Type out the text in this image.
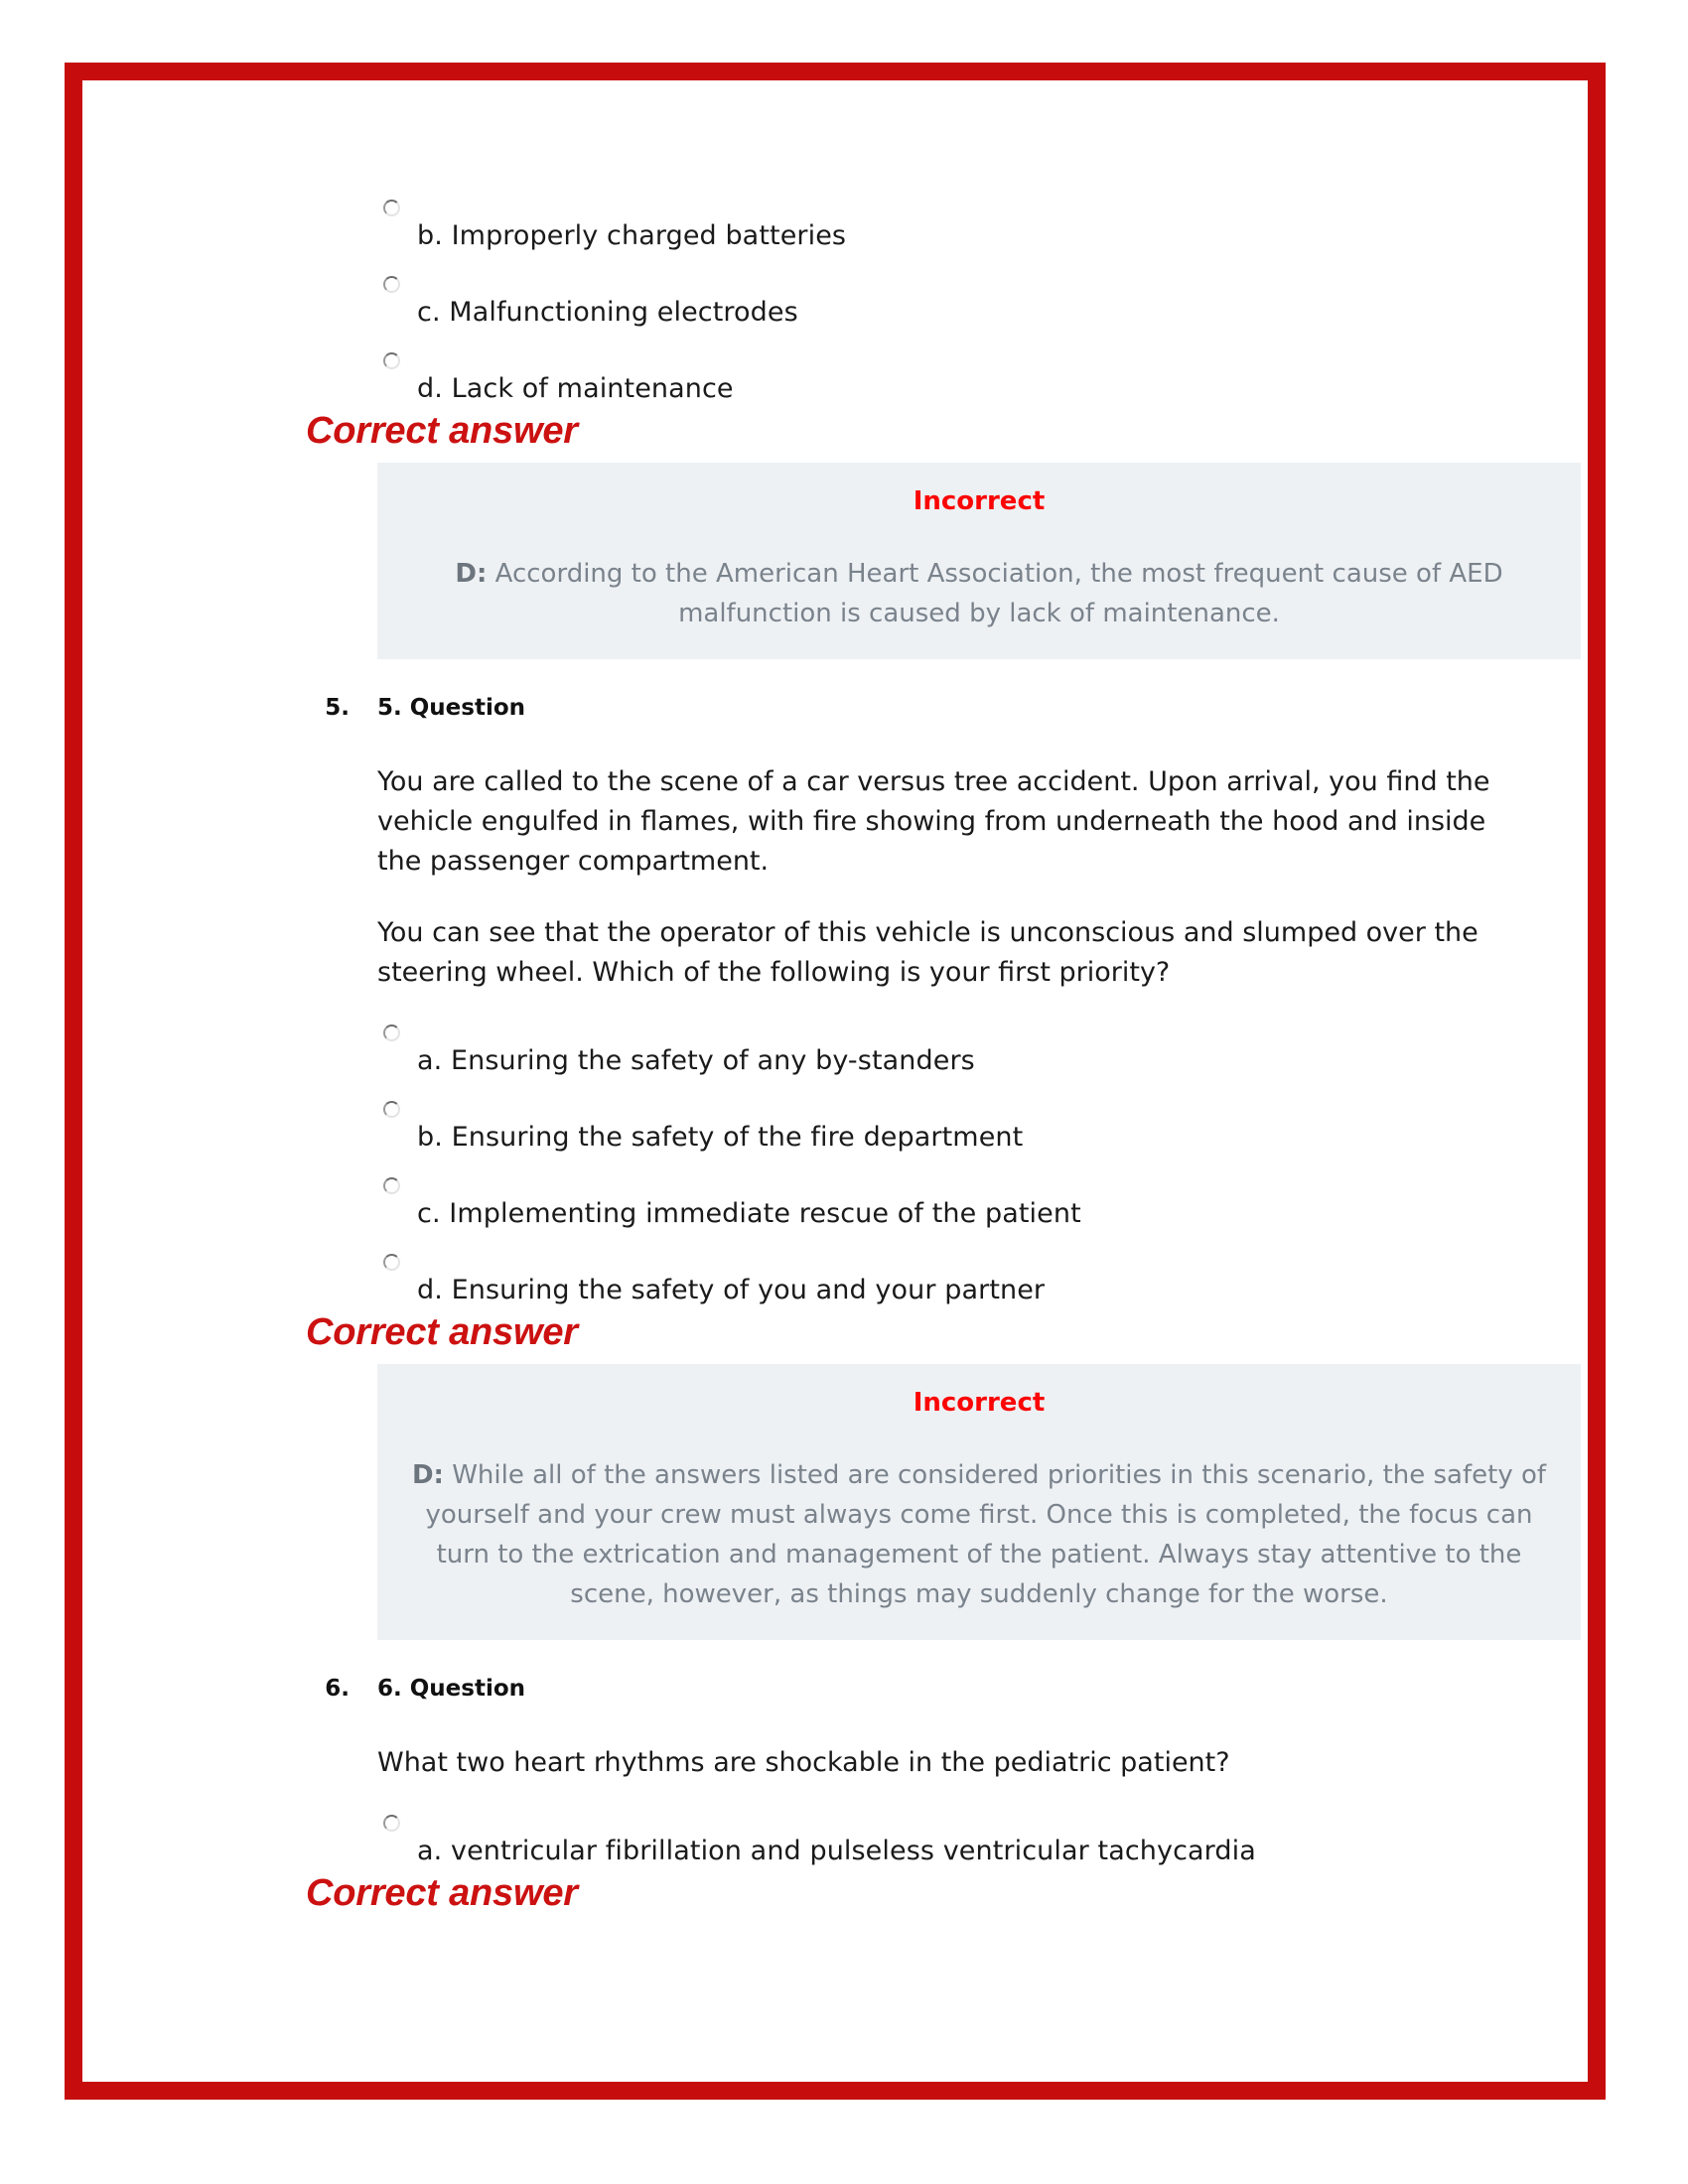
b. Improperly charged batteries
c. Malfunctioning electrodes
d. Lack of maintenance
Correct answer
Incorrect
D: According to the American Heart Association, the most frequent cause of AED malfunction is caused by lack of maintenance.
5. 5. Question
You are called to the scene of a car versus tree accident. Upon arrival, you find the vehicle engulfed in flames, with fire showing from underneath the hood and inside the passenger compartment.
You can see that the operator of this vehicle is unconscious and slumped over the steering wheel. Which of the following is your first priority?
a. Ensuring the safety of any by-standers
b. Ensuring the safety of the fire department
c. Implementing immediate rescue of the patient
d. Ensuring the safety of you and your partner
Correct answer
Incorrect
D: While all of the answers listed are considered priorities in this scenario, the safety of yourself and your crew must always come first. Once this is completed, the focus can turn to the extrication and management of the patient. Always stay attentive to the scene, however, as things may suddenly change for the worse.
6. 6. Question
What two heart rhythms are shockable in the pediatric patient?
a. ventricular fibrillation and pulseless ventricular tachycardia
Correct answer
